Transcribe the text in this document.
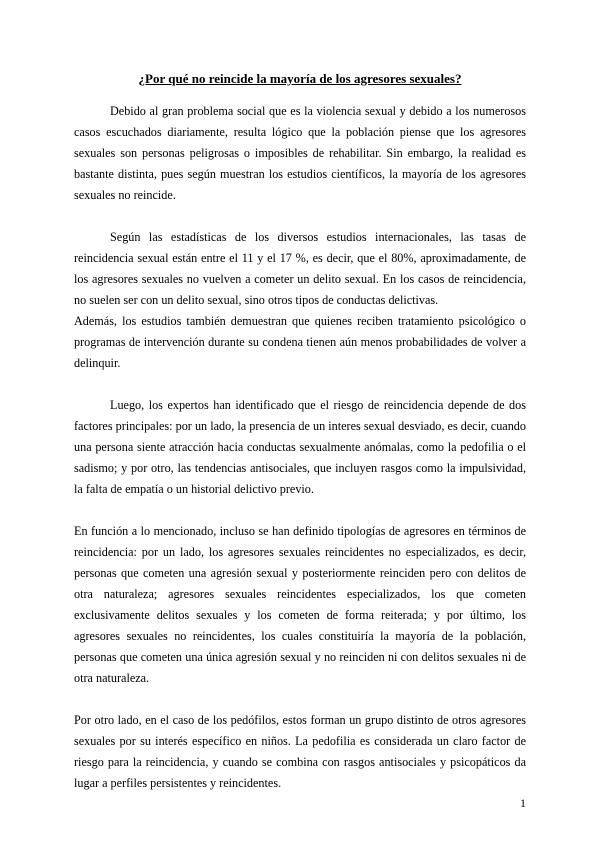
¿Por qué no reincide la mayoría de los agresores sexuales?

Debido al gran problema social que es la violencia sexual y debido a los numerosos casos escuchados diariamente, resulta lógico que la población piense que los agresores sexuales son personas peligrosas o imposibles de rehabilitar. Sin embargo, la realidad es bastante distinta, pues según muestran los estudios científicos, la mayoría de los agresores sexuales no reincide.

Según las estadísticas de los diversos estudios internacionales, las tasas de reincidencia sexual están entre el 11 y el 17 %, es decir, que el 80%, aproximadamente, de los agresores sexuales no vuelven a cometer un delito sexual. En los casos de reincidencia, no suelen ser con un delito sexual, sino otros tipos de conductas delictivas.

Además, los estudios también demuestran que quienes reciben tratamiento psicológico o programas de intervención durante su condena tienen aún menos probabilidades de volver a delinquir.

Luego, los expertos han identificado que el riesgo de reincidencia depende de dos factores principales: por un lado, la presencia de un interes sexual desviado, es decir, cuando una persona siente atracción hacia conductas sexualmente anómalas, como la pedofilia o el sadismo; y por otro, las tendencias antisociales, que incluyen rasgos como la impulsividad, la falta de empatía o un historial delictivo previo.

En función a lo mencionado, incluso se han definido tipologías de agresores en términos de reincidencia: por un lado, los agresores sexuales reincidentes no especializados, es decir, personas que cometen una agresión sexual y posteriormente reinciden pero con delitos de otra naturaleza; agresores sexuales reincidentes especializados, los que cometen exclusivamente delitos sexuales y los cometen de forma reiterada; y por último, los agresores sexuales no reincidentes, los cuales constituiría la mayoría de la población, personas que cometen una única agresión sexual y no reinciden ni con delitos sexuales ni de otra naturaleza.

Por otro lado, en el caso de los pedófilos, estos forman un grupo distinto de otros agresores sexuales por su interés específico en niños. La pedofilia es considerada un claro factor de riesgo para la reincidencia, y cuando se combina con rasgos antisociales y psicopáticos da lugar a perfiles persistentes y reincidentes.

1
